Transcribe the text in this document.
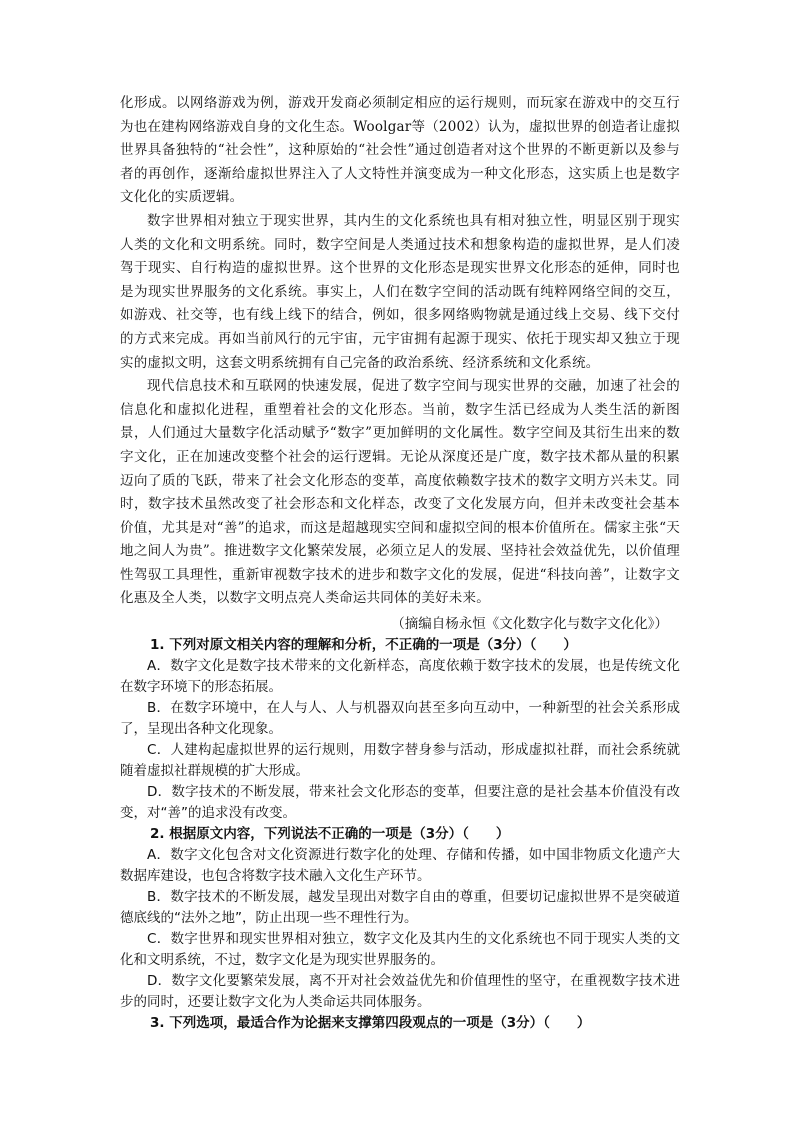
化形成。以网络游戏为例，游戏开发商必须制定相应的运行规则，而玩家在游戏中的交互行为也在建构网络游戏自身的文化生态。Woolgar等（2002）认为，虚拟世界的创造者让虚拟世界具备独特的“社会性”，这种原始的“社会性”通过创造者对这个世界的不断更新以及参与者的再创作，逐渐给虚拟世界注入了人文特性并演变成为一种文化形态，这实质上也是数字文化化的实质逻辑。

数字世界相对独立于现实世界，其内生的文化系统也具有相对独立性，明显区别于现实人类的文化和文明系统。同时，数字空间是人类通过技术和想象构造的虚拟世界，是人们凌驾于现实、自行构造的虚拟世界。这个世界的文化形态是现实世界文化形态的延伸，同时也是为现实世界服务的文化系统。事实上，人们在数字空间的活动既有纯粹网络空间的交互，如游戏、社交等，也有线上线下的结合，例如，很多网络购物就是通过线上交易、线下交付的方式来完成。再如当前风行的元宇宙，元宇宙拥有起源于现实、依托于现实却又独立于现实的虚拟文明，这套文明系统拥有自己完备的政治系统、经济系统和文化系统。

现代信息技术和互联网的快速发展，促进了数字空间与现实世界的交融，加速了社会的信息化和虚拟化进程，重塑着社会的文化形态。当前，数字生活已经成为人类生活的新图景，人们通过大量数字化活动赋予“数字”更加鲜明的文化属性。数字空间及其衍生出来的数字文化，正在加速改变整个社会的运行逻辑。无论从深度还是广度，数字技术都从量的积累迈向了质的飞跃，带来了社会文化形态的变革，高度依赖数字技术的数字文明方兴未艾。同时，数字技术虽然改变了社会形态和文化样态，改变了文化发展方向，但并未改变社会基本价值，尤其是对“善”的追求，而这是超越现实空间和虚拟空间的根本价值所在。儒家主张“天地之间人为贵”。推进数字文化繁荣发展，必须立足人的发展、坚持社会效益优先，以价值理性驾驭工具理性，重新审视数字技术的进步和数字文化的发展，促进“科技向善”，让数字文化惠及全人类，以数字文明点亮人类命运共同体的美好未来。

（摘编自杨永恒《文化数字化与数字文化化》）

1. 下列对原文相关内容的理解和分析，不正确的一项是（3分）（　　）

A．数字文化是数字技术带来的文化新样态，高度依赖于数字技术的发展，也是传统文化在数字环境下的形态拓展。

B．在数字环境中，在人与人、人与机器双向甚至多向互动中，一种新型的社会关系形成了，呈现出各种文化现象。

C．人建构起虚拟世界的运行规则，用数字替身参与活动，形成虚拟社群，而社会系统就随着虚拟社群规模的扩大形成。

D．数字技术的不断发展，带来社会文化形态的变革，但要注意的是社会基本价值没有改变，对“善”的追求没有改变。

2. 根据原文内容，下列说法不正确的一项是（3分）（　　）

A．数字文化包含对文化资源进行数字化的处理、存储和传播，如中国非物质文化遗产大数据库建设，也包含将数字技术融入文化生产环节。

B．数字技术的不断发展，越发呈现出对数字自由的尊重，但要切记虚拟世界不是突破道德底线的“法外之地”，防止出现一些不理性行为。

C．数字世界和现实世界相对独立，数字文化及其内生的文化系统也不同于现实人类的文化和文明系统，不过，数字文化是为现实世界服务的。

D．数字文化要繁荣发展，离不开对社会效益优先和价值理性的坚守，在重视数字技术进步的同时，还要让数字文化为人类命运共同体服务。

3. 下列选项，最适合作为论据来支撑第四段观点的一项是（3分）（　　）
